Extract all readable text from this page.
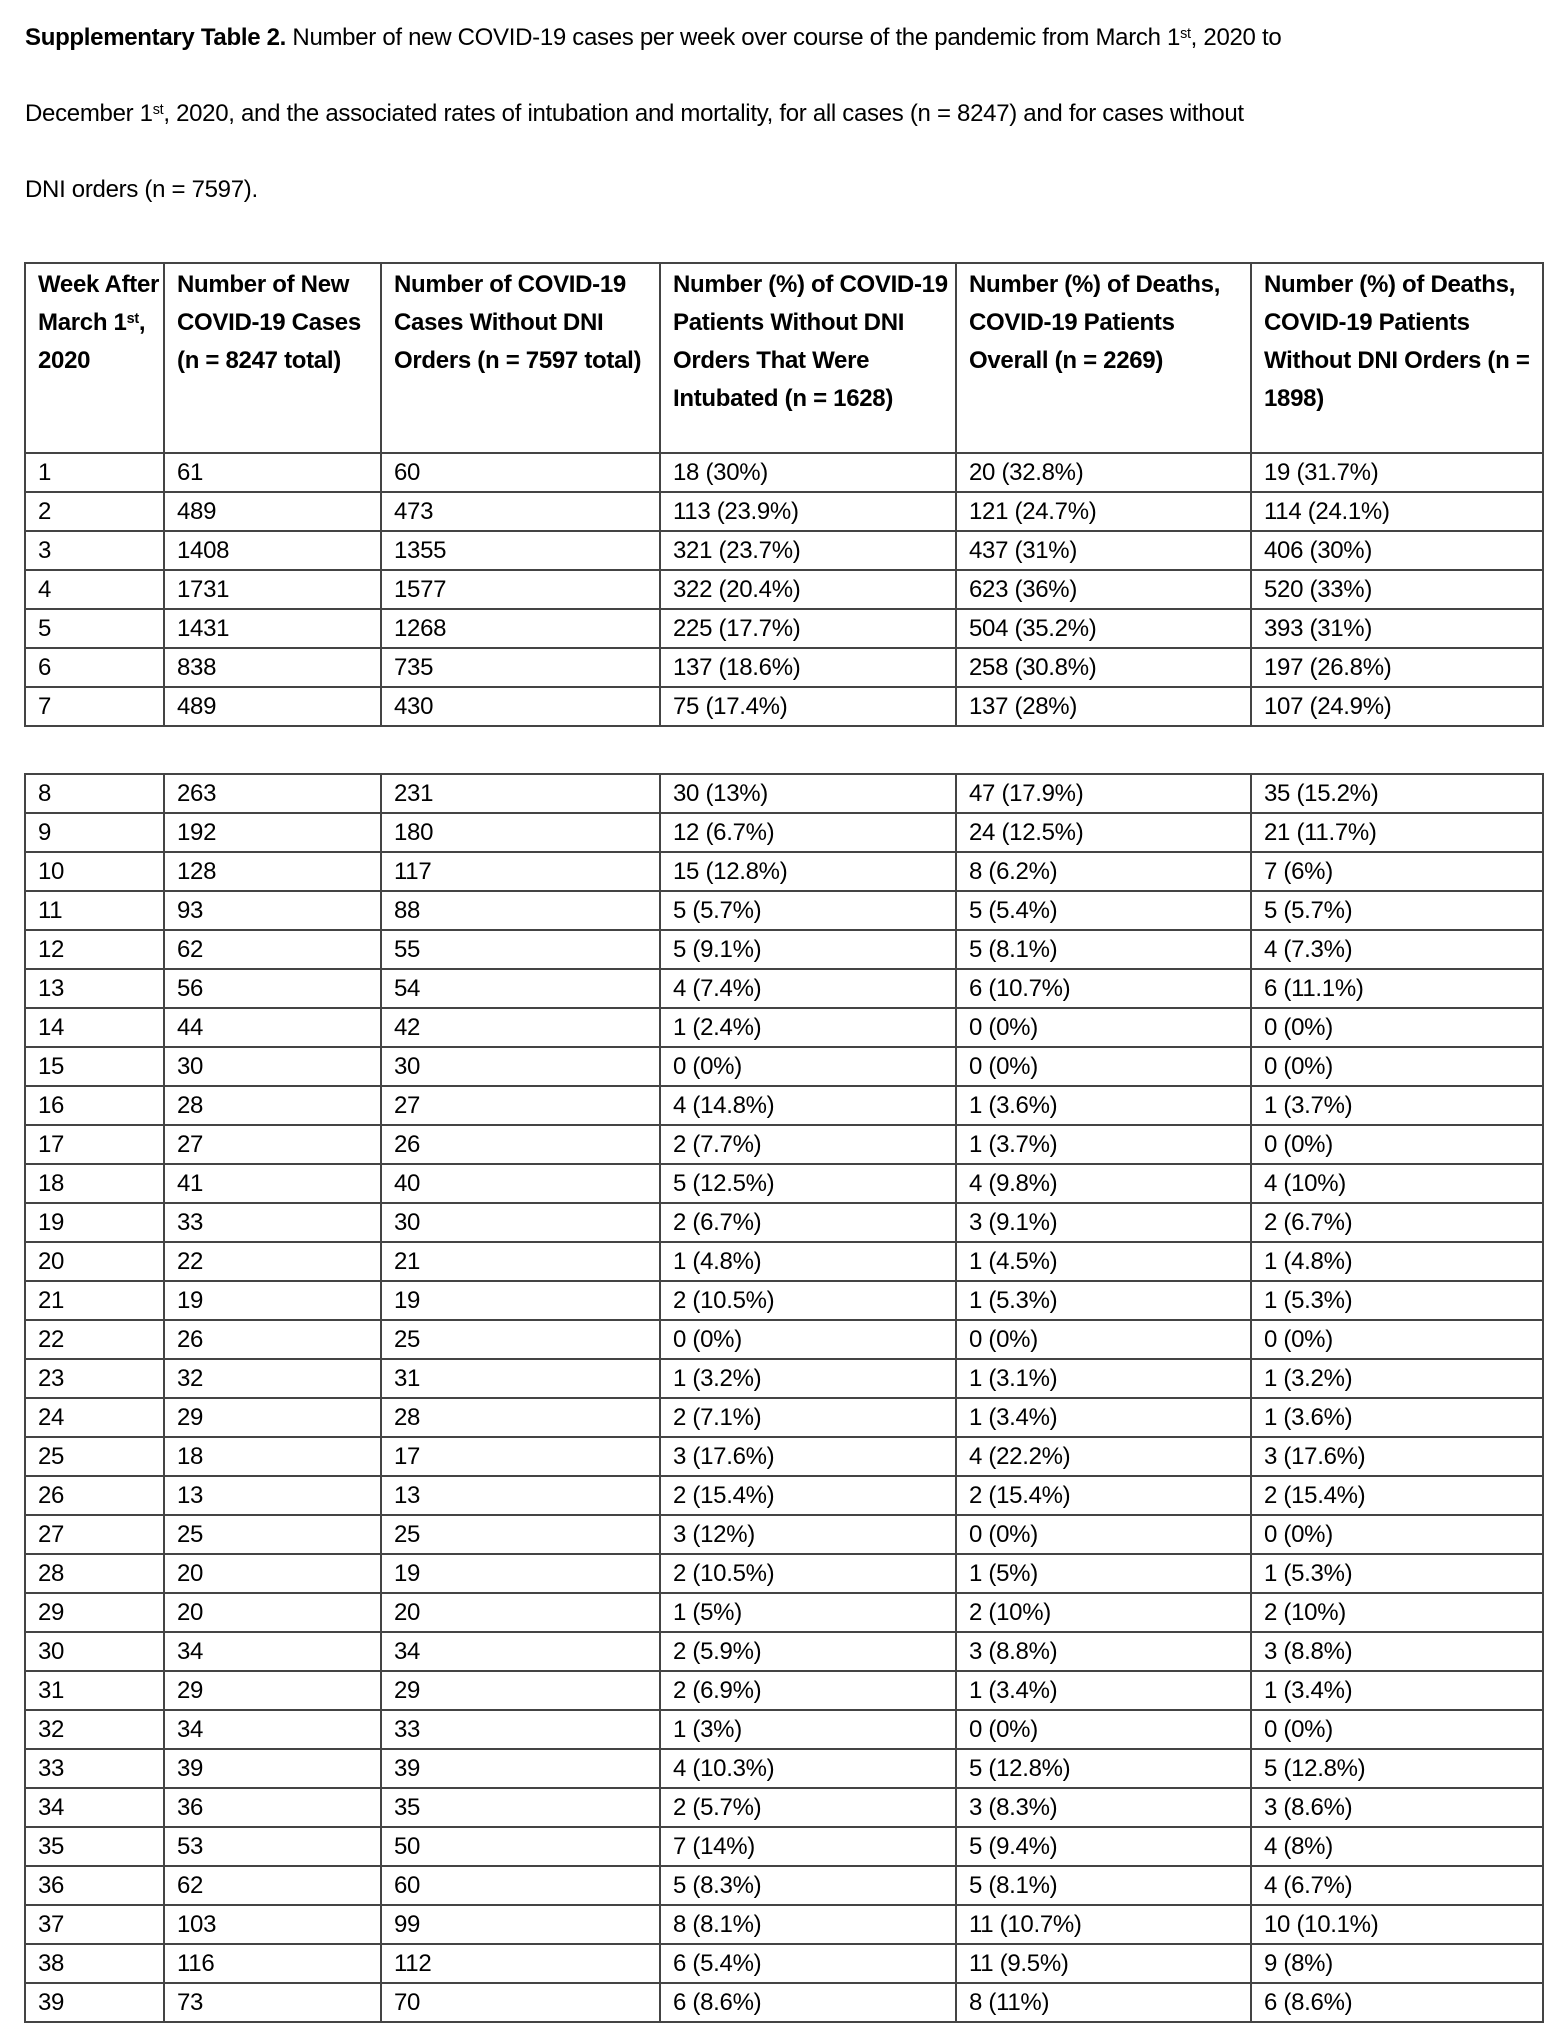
Supplementary Table 2. Number of new COVID-19 cases per week over course of the pandemic from March 1st, 2020 to
December 1st, 2020, and the associated rates of intubation and mortality, for all cases (n = 8247) and for cases without
DNI orders (n = 7597).
Week After March 1st, 2020	Number of New COVID-19 Cases (n = 8247 total)	Number of COVID-19 Cases Without DNI Orders (n = 7597 total)	Number (%) of COVID-19 Patients Without DNI Orders That Were Intubated (n = 1628)	Number (%) of Deaths, COVID-19 Patients Overall (n = 2269)	Number (%) of Deaths, COVID-19 Patients Without DNI Orders (n = 1898)
1	61	60	18 (30%)	20 (32.8%)	19 (31.7%)
2	489	473	113 (23.9%)	121 (24.7%)	114 (24.1%)
3	1408	1355	321 (23.7%)	437 (31%)	406 (30%)
4	1731	1577	322 (20.4%)	623 (36%)	520 (33%)
5	1431	1268	225 (17.7%)	504 (35.2%)	393 (31%)
6	838	735	137 (18.6%)	258 (30.8%)	197 (26.8%)
7	489	430	75 (17.4%)	137 (28%)	107 (24.9%)
8	263	231	30 (13%)	47 (17.9%)	35 (15.2%)
9	192	180	12 (6.7%)	24 (12.5%)	21 (11.7%)
10	128	117	15 (12.8%)	8 (6.2%)	7 (6%)
11	93	88	5 (5.7%)	5 (5.4%)	5 (5.7%)
12	62	55	5 (9.1%)	5 (8.1%)	4 (7.3%)
13	56	54	4 (7.4%)	6 (10.7%)	6 (11.1%)
14	44	42	1 (2.4%)	0 (0%)	0 (0%)
15	30	30	0 (0%)	0 (0%)	0 (0%)
16	28	27	4 (14.8%)	1 (3.6%)	1 (3.7%)
17	27	26	2 (7.7%)	1 (3.7%)	0 (0%)
18	41	40	5 (12.5%)	4 (9.8%)	4 (10%)
19	33	30	2 (6.7%)	3 (9.1%)	2 (6.7%)
20	22	21	1 (4.8%)	1 (4.5%)	1 (4.8%)
21	19	19	2 (10.5%)	1 (5.3%)	1 (5.3%)
22	26	25	0 (0%)	0 (0%)	0 (0%)
23	32	31	1 (3.2%)	1 (3.1%)	1 (3.2%)
24	29	28	2 (7.1%)	1 (3.4%)	1 (3.6%)
25	18	17	3 (17.6%)	4 (22.2%)	3 (17.6%)
26	13	13	2 (15.4%)	2 (15.4%)	2 (15.4%)
27	25	25	3 (12%)	0 (0%)	0 (0%)
28	20	19	2 (10.5%)	1 (5%)	1 (5.3%)
29	20	20	1 (5%)	2 (10%)	2 (10%)
30	34	34	2 (5.9%)	3 (8.8%)	3 (8.8%)
31	29	29	2 (6.9%)	1 (3.4%)	1 (3.4%)
32	34	33	1 (3%)	0 (0%)	0 (0%)
33	39	39	4 (10.3%)	5 (12.8%)	5 (12.8%)
34	36	35	2 (5.7%)	3 (8.3%)	3 (8.6%)
35	53	50	7 (14%)	5 (9.4%)	4 (8%)
36	62	60	5 (8.3%)	5 (8.1%)	4 (6.7%)
37	103	99	8 (8.1%)	11 (10.7%)	10 (10.1%)
38	116	112	6 (5.4%)	11 (9.5%)	9 (8%)
39	73	70	6 (8.6%)	8 (11%)	6 (8.6%)
